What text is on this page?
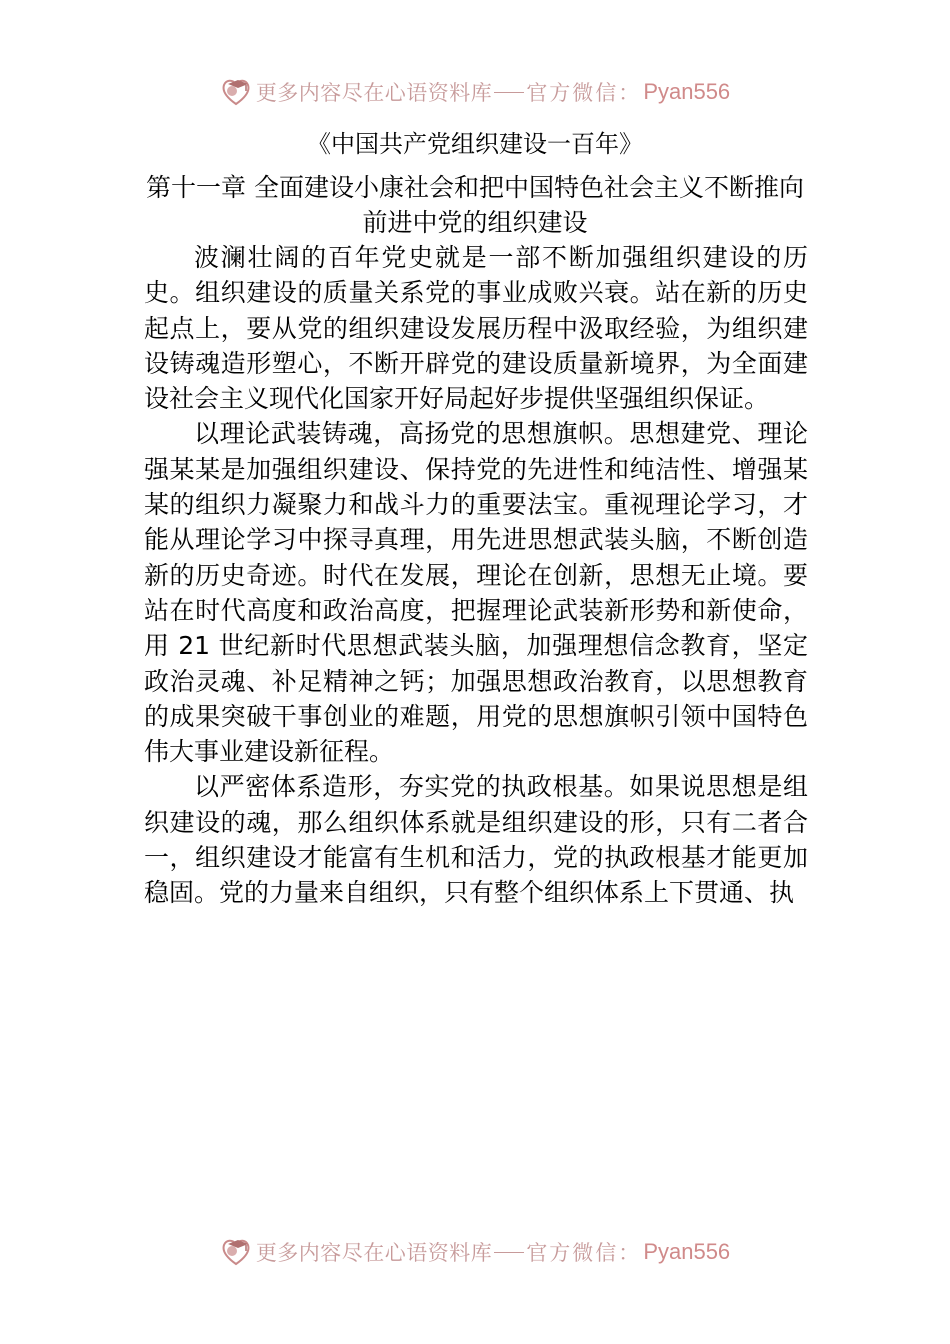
更多内容尽在心语资料库 官方微信： Pyan556
《中国共产党组织建设一百年》
第十一章 全面建设小康社会和把中国特色社会主义不断推向前进中党的组织建设

波澜壮阔的百年党史就是一部不断加强组织建设的历史。组织建设的质量关系党的事业成败兴衰。站在新的历史起点上，要从党的组织建设发展历程中汲取经验，为组织建设铸魂造形塑心，不断开辟党的建设质量新境界，为全面建设社会主义现代化国家开好局起好步提供坚强组织保证。

以理论武装铸魂，高扬党的思想旗帜。思想建党、理论强某某是加强组织建设、保持党的先进性和纯洁性、增强某某的组织力凝聚力和战斗力的重要法宝。重视理论学习，才能从理论学习中探寻真理，用先进思想武装头脑，不断创造新的历史奇迹。时代在发展，理论在创新，思想无止境。要站在时代高度和政治高度，把握理论武装新形势和新使命， 用 21 世纪新时代思想武装头脑，加强理想信念教育，坚定政治灵魂、补足精神之钙；加强思想政治教育，以思想教育的成果突破干事创业的难题，用党的思想旗帜引领中国特色伟大事业建设新征程。

以严密体系造形，夯实党的执政根基。如果说思想是组织建设的魂，那么组织体系就是组织建设的形，只有二者合一，组织建设才能富有生机和活力，党的执政根基才能更加稳固。党的力量来自组织，只有整个组织体系上下贯通、执

更多内容尽在心语资料库 官方微信： Pyan556
